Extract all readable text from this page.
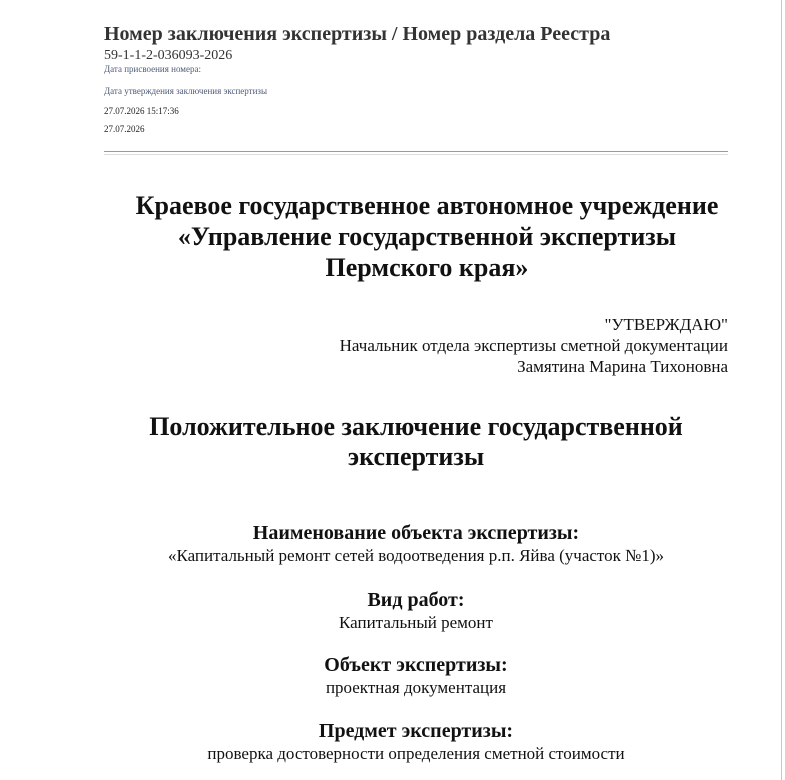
Номер заключения экспертизы / Номер раздела Реестра
59-1-1-2-036093-2026
Дата присвоения номера:
Дата утверждения заключения экспертизы
27.07.2026 15:17:36
27.07.2026
Краевое государственное автономное учреждение
«Управление государственной экспертизы
Пермского края»
"УТВЕРЖДАЮ"
Начальник отдела экспертизы сметной документации
Замятина Марина Тихоновна
Положительное заключение государственной
экспертизы
Наименование объекта экспертизы:
«Капитальный ремонт сетей водоотведения р.п. Яйва (участок №1)»
Вид работ:
Капитальный ремонт
Объект экспертизы:
проектная документация
Предмет экспертизы:
проверка достоверности определения сметной стоимости
